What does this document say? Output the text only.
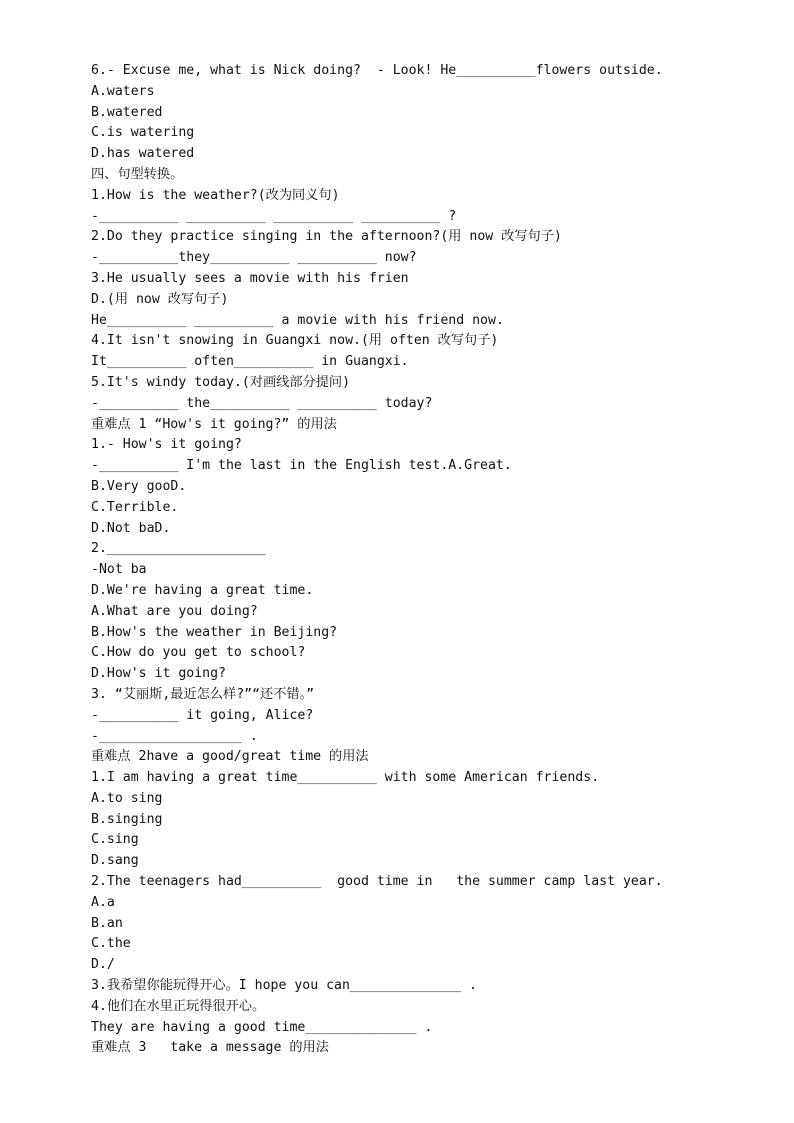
6.- Excuse me, what is Nick doing?  - Look! He__________flowers outside.
A.waters
B.watered
C.is watering
D.has watered
四、句型转换。
1.How is the weather?(改为同义句)
-__________ __________ __________ __________ ?
2.Do they practice singing in the afternoon?(用 now 改写句子)
-__________they__________ __________ now?
3.He usually sees a movie with his frien
D.(用 now 改写句子)
He__________ __________ a movie with his friend now.
4.It isn't snowing in Guangxi now.(用 often 改写句子)
It__________ often__________ in Guangxi.
5.It's windy today.(对画线部分提问)
-__________ the__________ __________ today?
重难点 1 “How's it going?” 的用法
1.- How's it going?
-__________ I'm the last in the English test.A.Great.
B.Very gooD.
C.Terrible.
D.Not baD.
2.____________________
-Not ba
D.We're having a great time.
A.What are you doing?
B.How's the weather in Beijing?
C.How do you get to school?
D.How's it going?
3. “艾丽斯,最近怎么样?”“还不错。”
-__________ it going, Alice?
-__________________ .
重难点 2have a good/great time 的用法
1.I am having a great time__________ with some American friends.
A.to sing
B.singing
C.sing
D.sang
2.The teenagers had__________  good time in   the summer camp last year.
A.a
B.an
C.the
D./
3.我希望你能玩得开心。I hope you can______________ .
4.他们在水里正玩得很开心。
They are having a good time______________ .
重难点 3   take a message 的用法
